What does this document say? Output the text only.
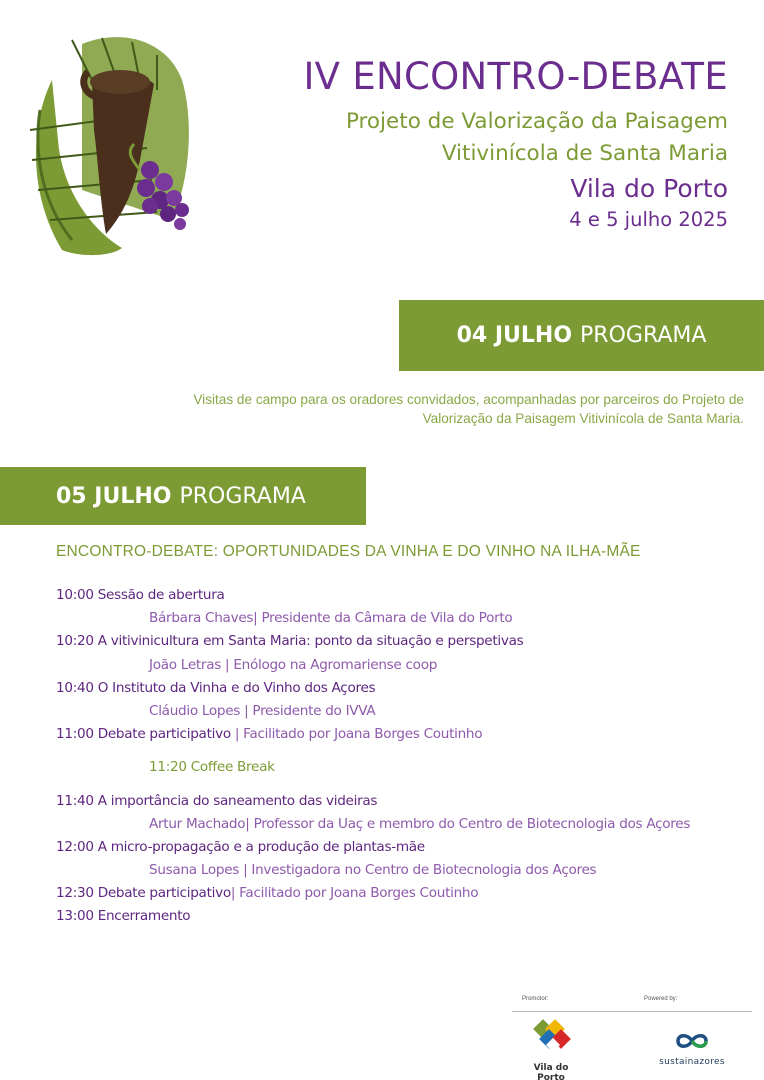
IV ENCONTRO-DEBATE
Projeto de Valorização da Paisagem
Vitivinícola de Santa Maria
Vila do Porto
4 e 5 julho 2025
04 JULHO PROGRAMA
Visitas de campo para os oradores convidados, acompanhadas por parceiros do Projeto de
Valorização da Paisagem Vitivinícola de Santa Maria.
05 JULHO PROGRAMA
ENCONTRO-DEBATE: OPORTUNIDADES DA VINHA E DO VINHO NA ILHA-MÃE
10:00 Sessão de abertura
Bárbara Chaves| Presidente da Câmara de Vila do Porto
10:20 A vitivinicultura em Santa Maria: ponto da situação e perspetivas
João Letras | Enólogo na Agromariense coop
10:40 O Instituto da Vinha e do Vinho dos Açores
Cláudio Lopes | Presidente do IVVA
11:00 Debate participativo | Facilitado por Joana Borges Coutinho
11:20 Coffee Break
11:40 A importância do saneamento das videiras
Artur Machado| Professor da Uaç e membro do Centro de Biotecnologia dos Açores
12:00 A micro-propagação e a produção de plantas-mãe
Susana Lopes | Investigadora no Centro de Biotecnologia dos Açores
12:30 Debate participativo| Facilitado por Joana Borges Coutinho
13:00 Encerramento
Promotor:	Powered by:
Vila do Porto
sustainazores
